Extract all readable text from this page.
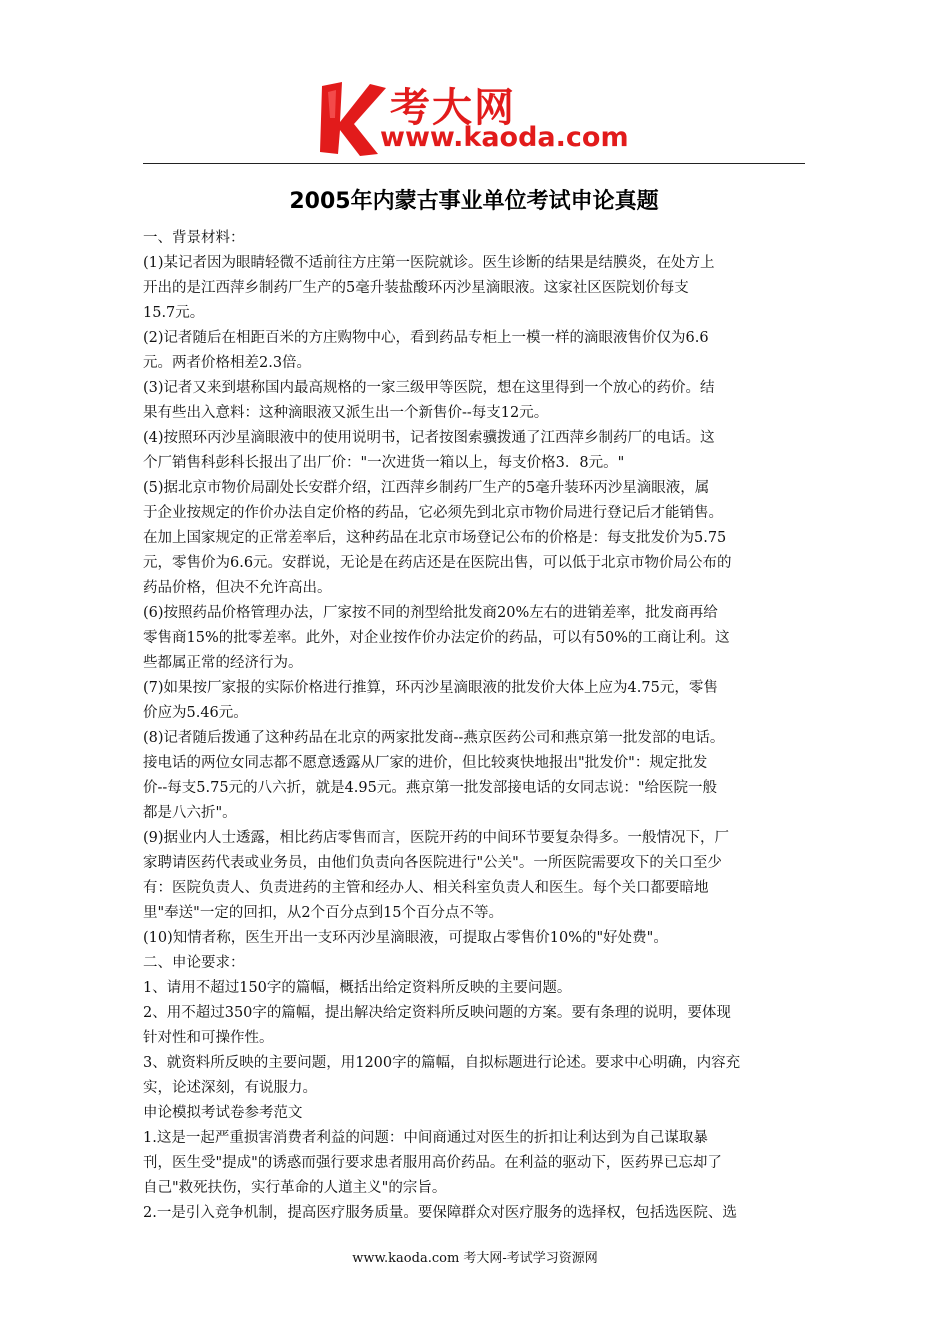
考大网
www.kaoda.com
2005年内蒙古事业单位考试申论真题
一、背景材料：
(1)某记者因为眼睛轻微不适前往方庄第一医院就诊。医生诊断的结果是结膜炎，在处方上
开出的是江西萍乡制药厂生产的5毫升装盐酸环丙沙星滴眼液。这家社区医院划价每支
15.7元。
(2)记者随后在相距百米的方庄购物中心，看到药品专柜上一模一样的滴眼液售价仅为6.6
元。两者价格相差2.3倍。
(3)记者又来到堪称国内最高规格的一家三级甲等医院，想在这里得到一个放心的药价。结
果有些出入意料：这种滴眼液又派生出一个新售价--每支12元。
(4)按照环丙沙星滴眼液中的使用说明书，记者按图索骥拨通了江西萍乡制药厂的电话。这
个厂销售科彭科长报出了出厂价："一次进货一箱以上，每支价格3．8元。"
(5)据北京市物价局副处长安群介绍，江西萍乡制药厂生产的5毫升装环丙沙星滴眼液，属
于企业按规定的作价办法自定价格的药品，它必须先到北京市物价局进行登记后才能销售。
在加上国家规定的正常差率后，这种药品在北京市场登记公布的价格是：每支批发价为5.75
元，零售价为6.6元。安群说，无论是在药店还是在医院出售，可以低于北京市物价局公布的
药品价格，但决不允许高出。
(6)按照药品价格管理办法，厂家按不同的剂型给批发商20%左右的进销差率，批发商再给
零售商15%的批零差率。此外，对企业按作价办法定价的药品，可以有50%的工商让利。这
些都属正常的经济行为。
(7)如果按厂家报的实际价格进行推算，环丙沙星滴眼液的批发价大体上应为4.75元，零售
价应为5.46元。
(8)记者随后拨通了这种药品在北京的两家批发商--燕京医药公司和燕京第一批发部的电话。
接电话的两位女同志都不愿意透露从厂家的进价，但比较爽快地报出"批发价"：规定批发
价--每支5.75元的八六折，就是4.95元。燕京第一批发部接电话的女同志说："给医院一般
都是八六折"。
(9)据业内人士透露，相比药店零售而言，医院开药的中间环节要复杂得多。一般情况下，厂
家聘请医药代表或业务员，由他们负责向各医院进行"公关"。一所医院需要攻下的关口至少
有：医院负责人、负责进药的主管和经办人、相关科室负责人和医生。每个关口都要暗地
里"奉送"一定的回扣，从2个百分点到15个百分点不等。
(10)知情者称，医生开出一支环丙沙星滴眼液，可提取占零售价10%的"好处费"。
二、申论要求：
1、请用不超过150字的篇幅，概括出给定资料所反映的主要问题。
2、用不超过350字的篇幅，提出解决给定资料所反映问题的方案。要有条理的说明，要体现
针对性和可操作性。
3、就资料所反映的主要问题，用1200字的篇幅，自拟标题进行论述。要求中心明确，内容充
实，论述深刻，有说服力。
申论模拟考试卷参考范文
1.这是一起严重损害消费者利益的问题：中间商通过对医生的折扣让利达到为自己谋取暴
刊，医生受"提成"的诱惑而强行要求患者服用高价药品。在利益的驱动下，医药界已忘却了
自己"救死扶伤，实行革命的人道主义"的宗旨。
2.一是引入竞争机制，提高医疗服务质量。要保障群众对医疗服务的选择权，包括选医院、选
www.kaoda.com 考大网-考试学习资源网
